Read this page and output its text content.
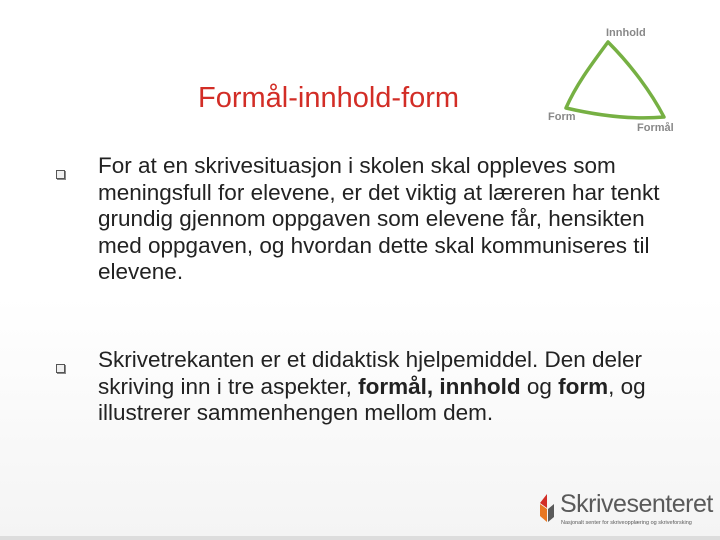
Formål-innhold-form
Innhold
Form
Formål
For at en skrivesituasjon i skolen skal oppleves som meningsfull for elevene, er det viktig at læreren har tenkt grundig gjennom oppgaven som elevene får, hensikten med oppgaven, og hvordan dette skal kommuniseres til elevene.
Skrivetrekanten er et didaktisk hjelpemiddel. Den deler skriving inn i tre aspekter, formål, innhold og form, og illustrerer sammenhengen mellom dem.
Skrivesenteret
Nasjonalt senter for skriveopplæring og skriveforsking
